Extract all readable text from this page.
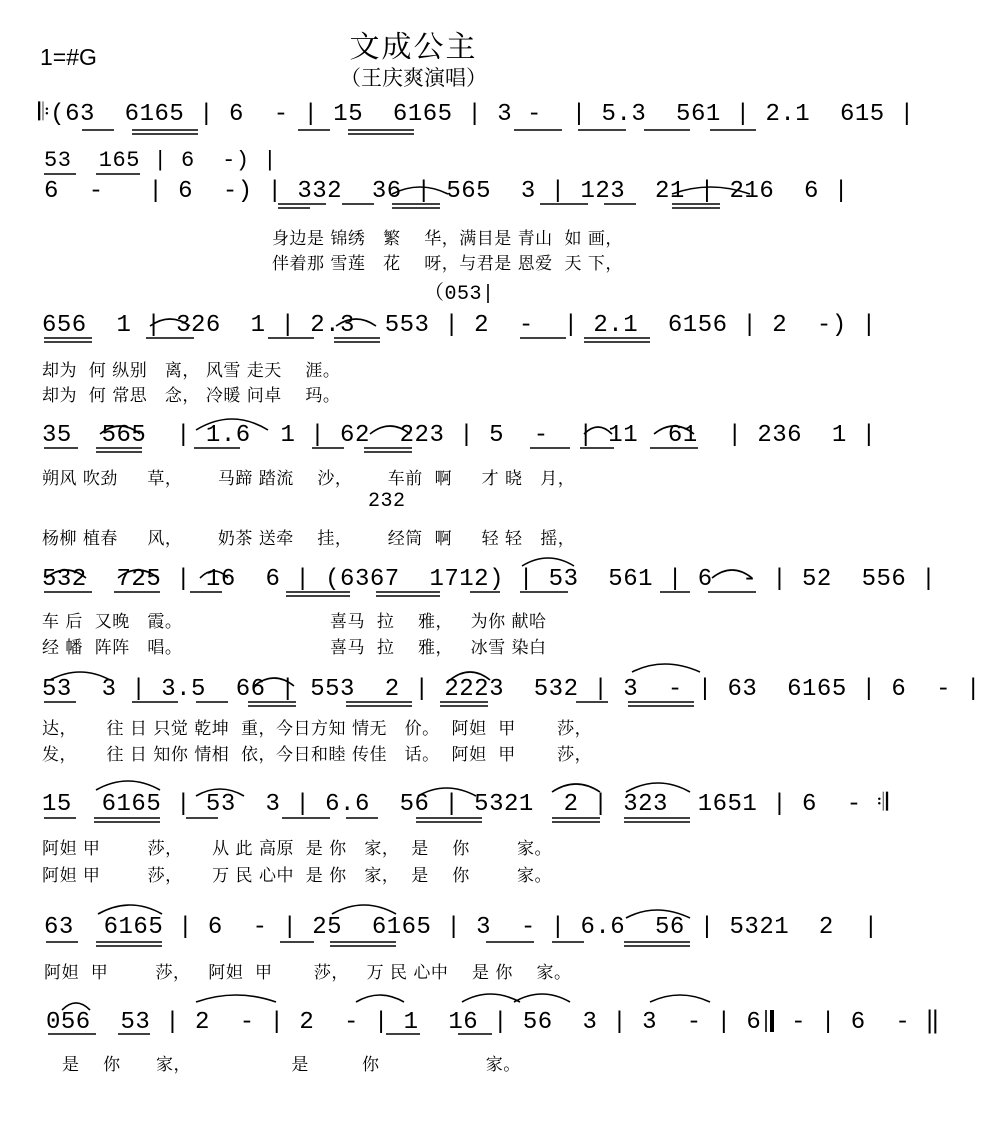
文成公主
（王庆爽演唱）
1=#G
𝄆(63  6165 | 6  - | 15  6165 | 3 -  | 5.3  561 | 2.1  615 |
53  165 | 6  -) |
6  -   | 6  -) | 332  36 | 565  3 | 123  21 | 216  6 |
身边是 锦绣   繁    华，满目是 青山  如 画，
伴着那 雪莲   花    呀，与君是 恩爱  天 下，
（053|
656  1 | 326  1 | 2.3  553 | 2  -  | 2.1  6156 | 2  -) |
却为  何 纵别   离， 风雪 走天    涯。
却为  何 常思   念， 冷暖 问卓    玛。
35  565  | 1.6  1 | 62  223 | 5  -  | 11  61  | 236  1 |
朔风 吹劲     草，      马蹄 踏流    沙，      车前  啊     才 晓   月，
232
杨柳 植春     风，      奶茶 送牵    挂，      经筒  啊     轻 轻   摇，
532  725 | 16  6 | (6367  1712) | 53  561 | 6  - | 52  556 |
车 后  又晚   霞。                         喜马  拉    雅，   为你 献哈
经 幡  阵阵   唱。                         喜马  拉    雅，   冰雪 染白
53  3 | 3.5  66 | 553  2 | 2223  532 | 3  - | 63  6165 | 6  - |
达，     往 日 只觉 乾坤  重，今日方知 情无   价。  阿妲  甲       莎，
发，     往 日 知你 情相  依，今日和睦 传佳   话。  阿妲  甲       莎，
15  6165 | 53  3 | 6.6  56 | 5321  2 | 323  1651 | 6  - 𝄇
阿妲 甲        莎，     从 此 高原  是 你   家，  是    你        家。
阿妲 甲        莎，     万 民 心中  是 你   家，  是    你        家。
63  6165 | 6  - | 25  6165 | 3  - | 6.6  56 | 5321  2  |
阿妲  甲        莎，   阿妲  甲       莎，   万 民 心中    是 你    家。
056  53 | 2  - | 2  - | 1  16 | 56  3 | 3  - | 6  - | 6  - ‖
是    你      家，                 是         你                  家。
